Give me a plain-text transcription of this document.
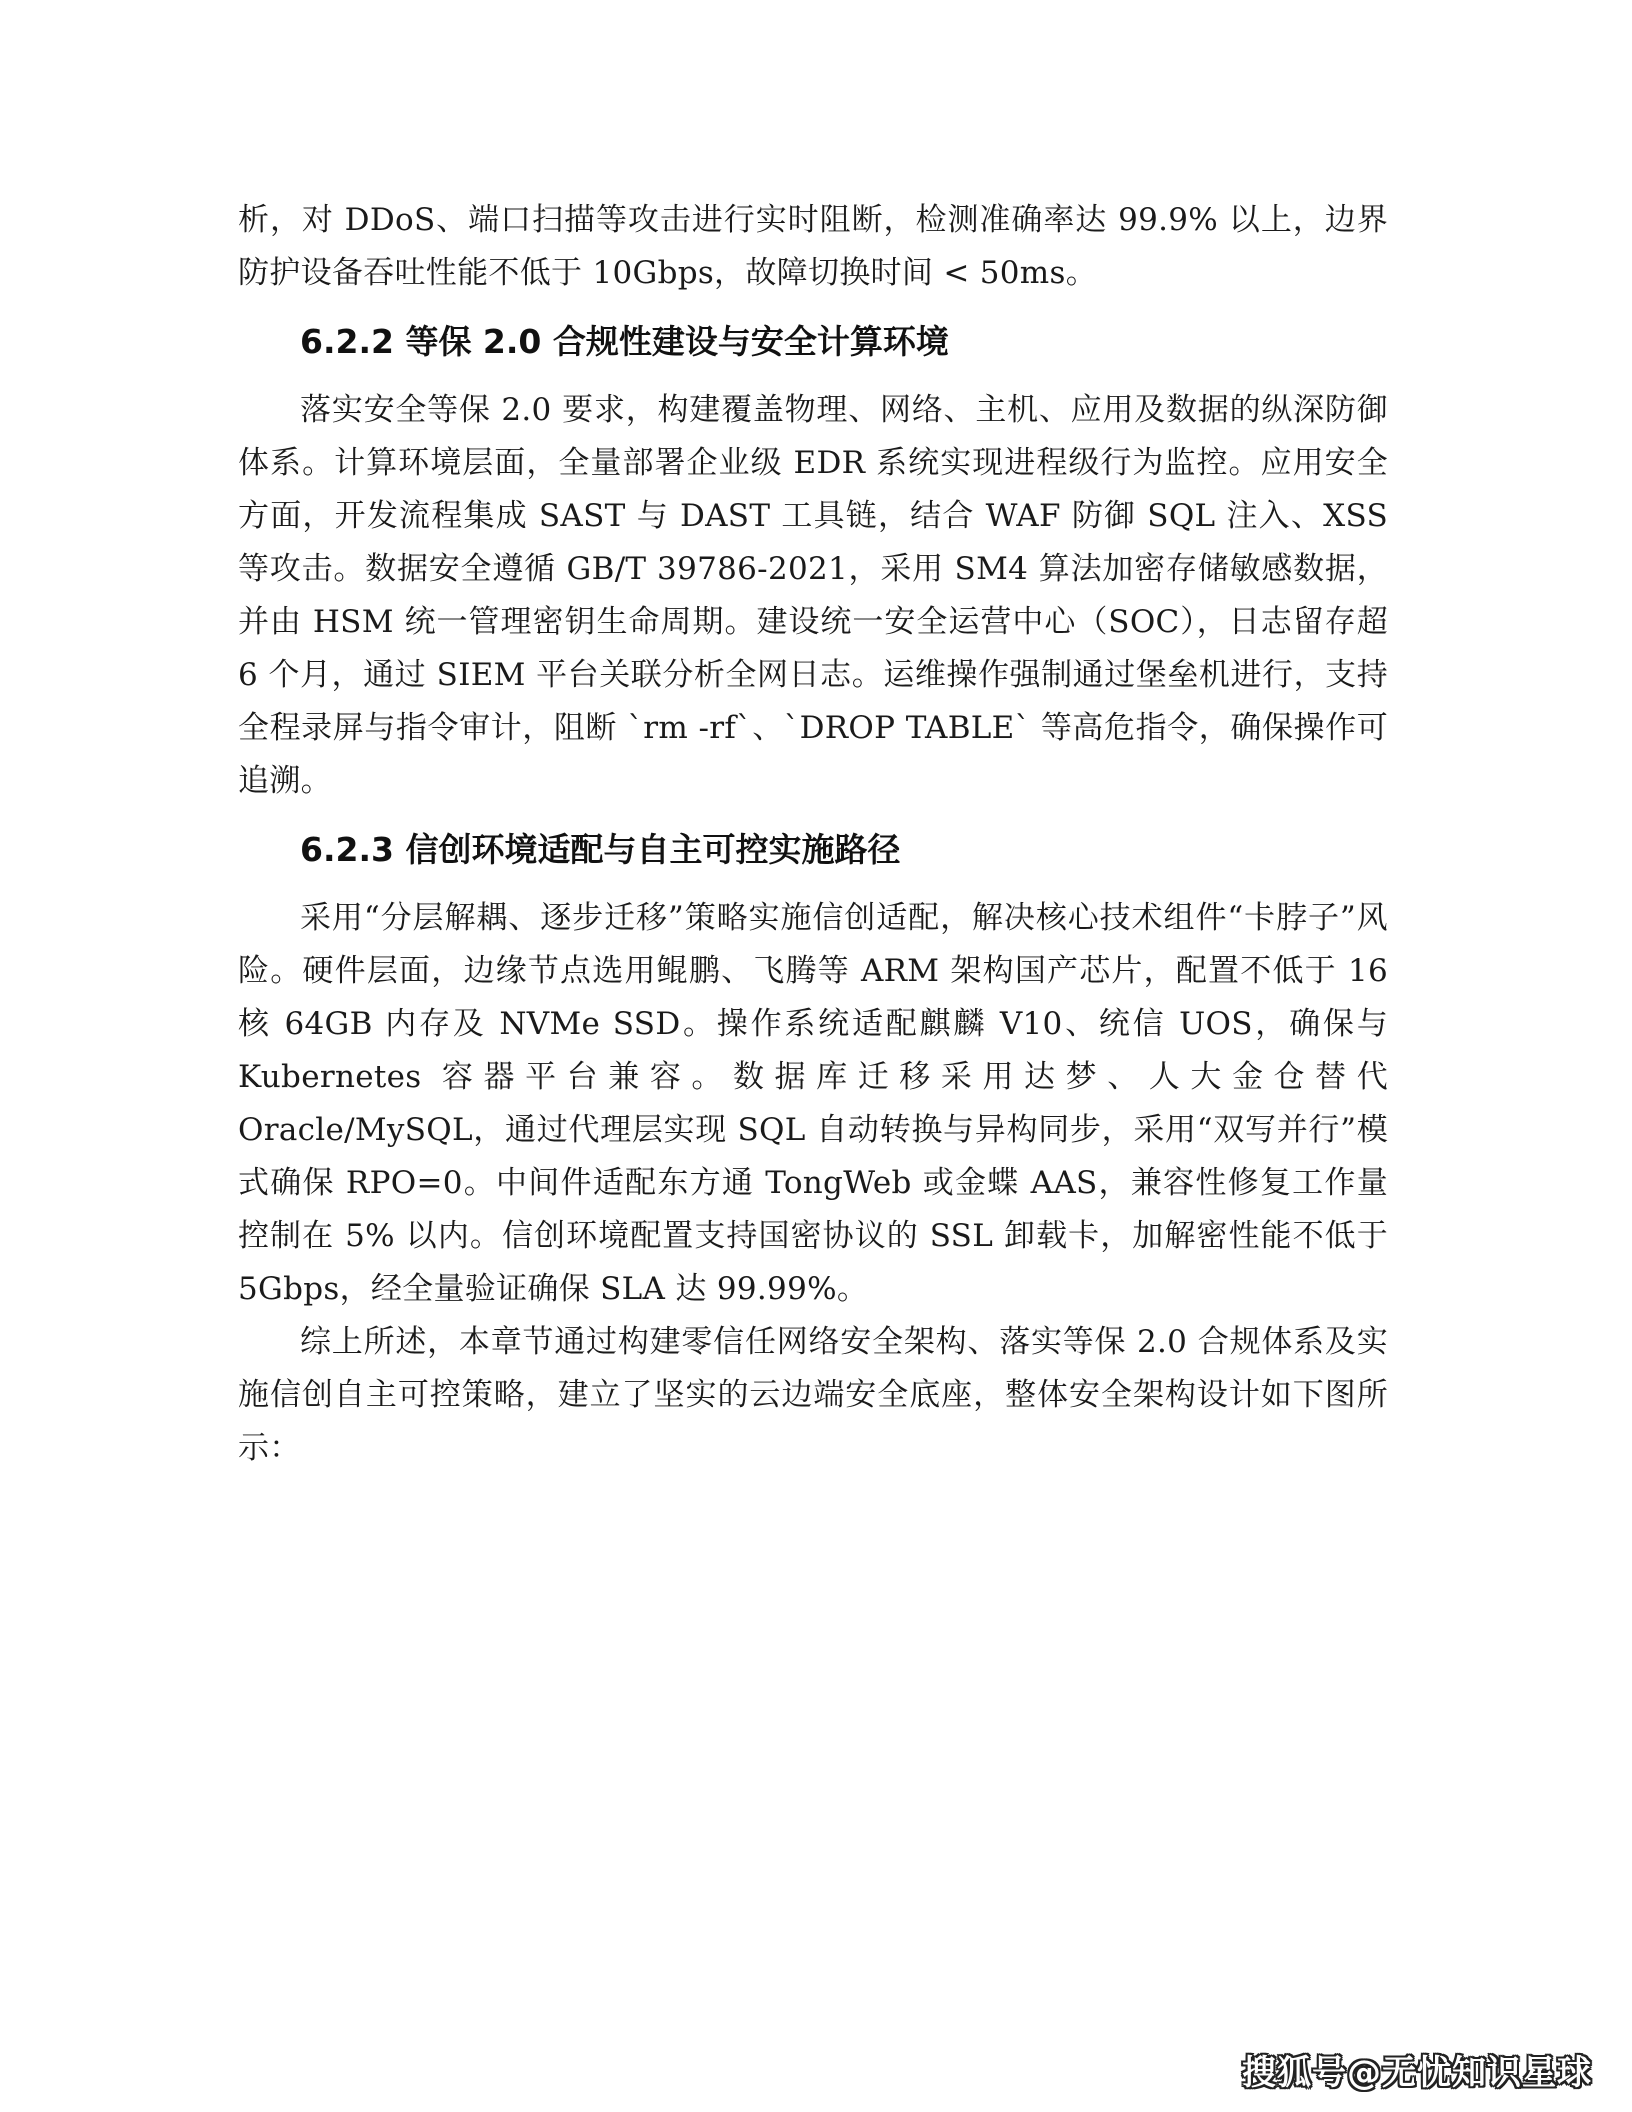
析，对 DDoS、端口扫描等攻击进行实时阻断，检测准确率达 99.9% 以上，边界防护设备吞吐性能不低于 10Gbps，故障切换时间 < 50ms。

6.2.2 等保 2.0 合规性建设与安全计算环境

落实安全等保 2.0 要求，构建覆盖物理、网络、主机、应用及数据的纵深防御体系。计算环境层面，全量部署企业级 EDR 系统实现进程级行为监控。应用安全方面，开发流程集成 SAST 与 DAST 工具链，结合 WAF 防御 SQL 注入、XSS 等攻击。数据安全遵循 GB/T 39786-2021，采用 SM4 算法加密存储敏感数据，并由 HSM 统一管理密钥生命周期。建设统一安全运营中心（SOC），日志留存超 6 个月，通过 SIEM 平台关联分析全网日志。运维操作强制通过堡垒机进行，支持全程录屏与指令审计，阻断 `rm -rf`、`DROP TABLE` 等高危指令，确保操作可追溯。

6.2.3 信创环境适配与自主可控实施路径

采用“分层解耦、逐步迁移”策略实施信创适配，解决核心技术组件“卡脖子”风险。硬件层面，边缘节点选用鲲鹏、飞腾等 ARM 架构国产芯片，配置不低于 16 核 64GB 内存及 NVMe SSD。操作系统适配麒麟 V10、统信 UOS，确保与 Kubernetes 容器平台兼容。数据库迁移采用达梦、人大金仓替代 Oracle/MySQL，通过代理层实现 SQL 自动转换与异构同步，采用“双写并行”模式确保 RPO=0。中间件适配东方通 TongWeb 或金蝶 AAS，兼容性修复工作量控制在 5% 以内。信创环境配置支持国密协议的 SSL 卸载卡，加解密性能不低于 5Gbps，经全量验证确保 SLA 达 99.99%。

综上所述，本章节通过构建零信任网络安全架构、落实等保 2.0 合规体系及实施信创自主可控策略，建立了坚实的云边端安全底座，整体安全架构设计如下图所示：

搜狐号@无忧知识星球
